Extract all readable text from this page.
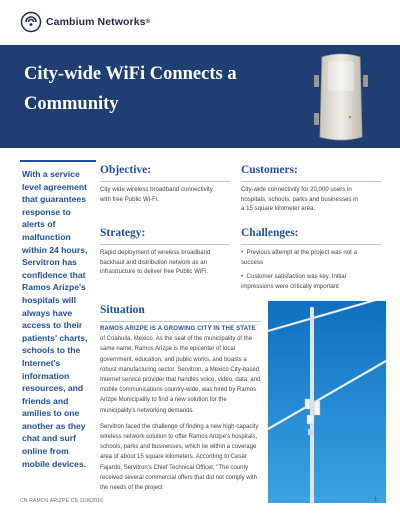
Cambium Networks ®
City-wide WiFi Connects a Community
With a service level agreement that guarantees response to alerts of malfunction within 24 hours, Servitron has confidence that Ramos Arizpe's hospitals will always have access to their patients' charts, schools to the Internet's information resources, and friends and amilies to one another as they chat and surf online from mobile devices.
Objective:
City wide wireless broadband connectivity with free Public Wi-Fi.
Customers:
City-wide connectivity for 20,000 users in hospitals, schools, parks and businesses in a 15 square kilometer area.
Strategy:
Rapid deployment of wireless broadband backhaul and distribution network as an infrastructure to deliver free Public WiFi.
Challenges:
•  Previous attempt at the project was not a success
•  Customer satisfaction was key. Initial impressions were critically important
Situation
RAMOS ARIZPE IS A GROWING CITY IN THE STATE of Coahuila, Mexico. As the seat of the municipality of the same name, Ramos Arizpe is the epicenter of local government, education, and public works, and boasts a robust manufacturing sector. Servitron, a Mexico City-based Internet service provider that handles voice, video, data, and mobile communications country-wide, was hired by Ramos Arizpe Municipality to find a new solution for the municipality's networking demands.
Servitron faced the challenge of finding a new high-capacity wireless network solution to offer Ramos Arizpe's hospitals, schools, parks and businesses, which lie within a coverage area of about 15 square kilometers. According to Cesar Fajardo, Servitron's Chief Technical Officer, "The county received several commercial offers that did not comply with the needs of the project
CN RAMOS ARIZPE CS 11062016	1
